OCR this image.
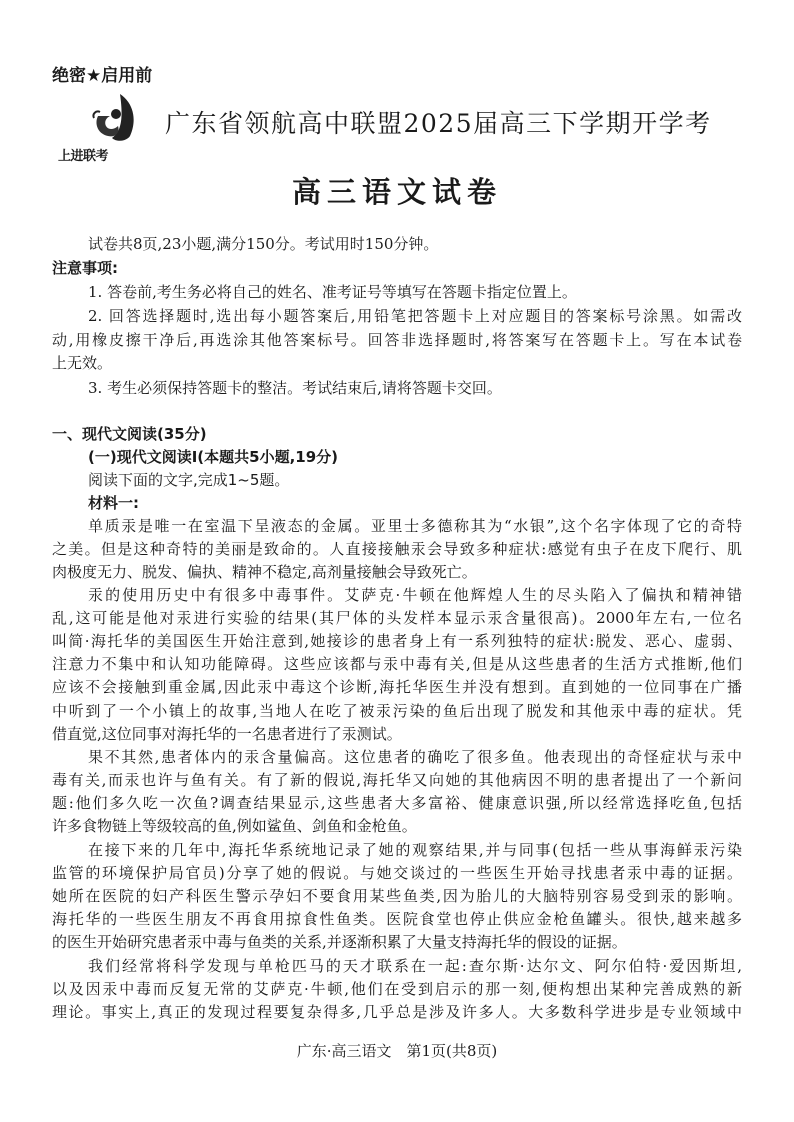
绝密★启用前
上进联考
广东省领航高中联盟2025届高三下学期开学考
高三语文试卷
试卷共8页,23小题,满分150分。考试用时150分钟。
注意事项:
1. 答卷前,考生务必将自己的姓名、准考证号等填写在答题卡指定位置上。
2. 回答选择题时,选出每小题答案后,用铅笔把答题卡上对应题目的答案标号涂黑。如需改
动,用橡皮擦干净后,再选涂其他答案标号。回答非选择题时,将答案写在答题卡上。写在本试卷
上无效。
3. 考生必须保持答题卡的整洁。考试结束后,请将答题卡交回。
一、现代文阅读(35分)
(一)现代文阅读Ⅰ(本题共5小题,19分)
阅读下面的文字,完成1~5题。
材料一:
单质汞是唯一在室温下呈液态的金属。亚里士多德称其为“水银”,这个名字体现了它的奇特
之美。但是这种奇特的美丽是致命的。人直接接触汞会导致多种症状:感觉有虫子在皮下爬行、肌
肉极度无力、脱发、偏执、精神不稳定,高剂量接触会导致死亡。
汞的使用历史中有很多中毒事件。艾萨克·牛顿在他辉煌人生的尽头陷入了偏执和精神错
乱,这可能是他对汞进行实验的结果(其尸体的头发样本显示汞含量很高)。2000年左右,一位名
叫简·海托华的美国医生开始注意到,她接诊的患者身上有一系列独特的症状:脱发、恶心、虚弱、
注意力不集中和认知功能障碍。这些应该都与汞中毒有关,但是从这些患者的生活方式推断,他们
应该不会接触到重金属,因此汞中毒这个诊断,海托华医生并没有想到。直到她的一位同事在广播
中听到了一个小镇上的故事,当地人在吃了被汞污染的鱼后出现了脱发和其他汞中毒的症状。凭
借直觉,这位同事对海托华的一名患者进行了汞测试。
果不其然,患者体内的汞含量偏高。这位患者的确吃了很多鱼。他表现出的奇怪症状与汞中
毒有关,而汞也许与鱼有关。有了新的假说,海托华又向她的其他病因不明的患者提出了一个新问
题:他们多久吃一次鱼?调查结果显示,这些患者大多富裕、健康意识强,所以经常选择吃鱼,包括
许多食物链上等级较高的鱼,例如鲨鱼、剑鱼和金枪鱼。
在接下来的几年中,海托华系统地记录了她的观察结果,并与同事(包括一些从事海鲜汞污染
监管的环境保护局官员)分享了她的假说。与她交谈过的一些医生开始寻找患者汞中毒的证据。
她所在医院的妇产科医生警示孕妇不要食用某些鱼类,因为胎儿的大脑特别容易受到汞的影响。
海托华的一些医生朋友不再食用掠食性鱼类。医院食堂也停止供应金枪鱼罐头。很快,越来越多
的医生开始研究患者汞中毒与鱼类的关系,并逐渐积累了大量支持海托华的假设的证据。
我们经常将科学发现与单枪匹马的天才联系在一起:查尔斯·达尔文、阿尔伯特·爱因斯坦,
以及因汞中毒而反复无常的艾萨克·牛顿,他们在受到启示的那一刻,便构想出某种完善成熟的新
理论。事实上,真正的发现过程要复杂得多,几乎总是涉及许多人。大多数科学进步是专业领域中
广东·高三语文　第1页(共8页)
